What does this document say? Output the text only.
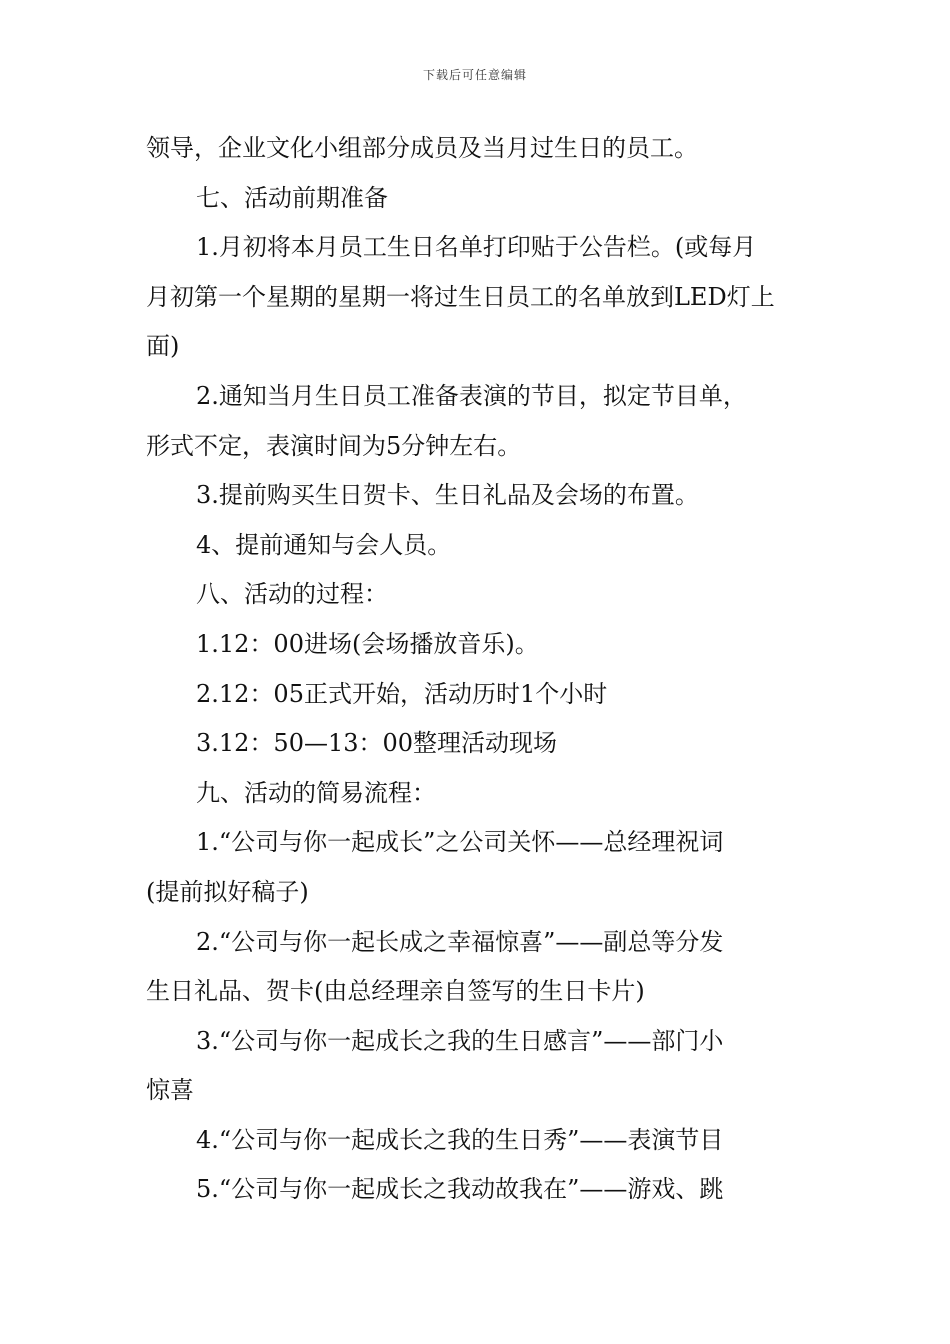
下载后可任意编辑
领导，企业文化小组部分成员及当月过生日的员工。
七、活动前期准备
1.月初将本月员工生日名单打印贴于公告栏。(或每月
月初第一个星期的星期一将过生日员工的名单放到LED灯上
面)
2.通知当月生日员工准备表演的节目，拟定节目单，
形式不定，表演时间为5分钟左右。
3.提前购买生日贺卡、生日礼品及会场的布置。
4、提前通知与会人员。
八、活动的过程：
1.12：00进场(会场播放音乐)。
2.12：05正式开始，活动历时1个小时
3.12：50—13：00整理活动现场
九、活动的简易流程：
1.“公司与你一起成长”之公司关怀——总经理祝词
(提前拟好稿子)
2.“公司与你一起长成之幸福惊喜”——副总等分发
生日礼品、贺卡(由总经理亲自签写的生日卡片)
3.“公司与你一起成长之我的生日感言”——部门小
惊喜
4.“公司与你一起成长之我的生日秀”——表演节目
5.“公司与你一起成长之我动故我在”——游戏、跳
